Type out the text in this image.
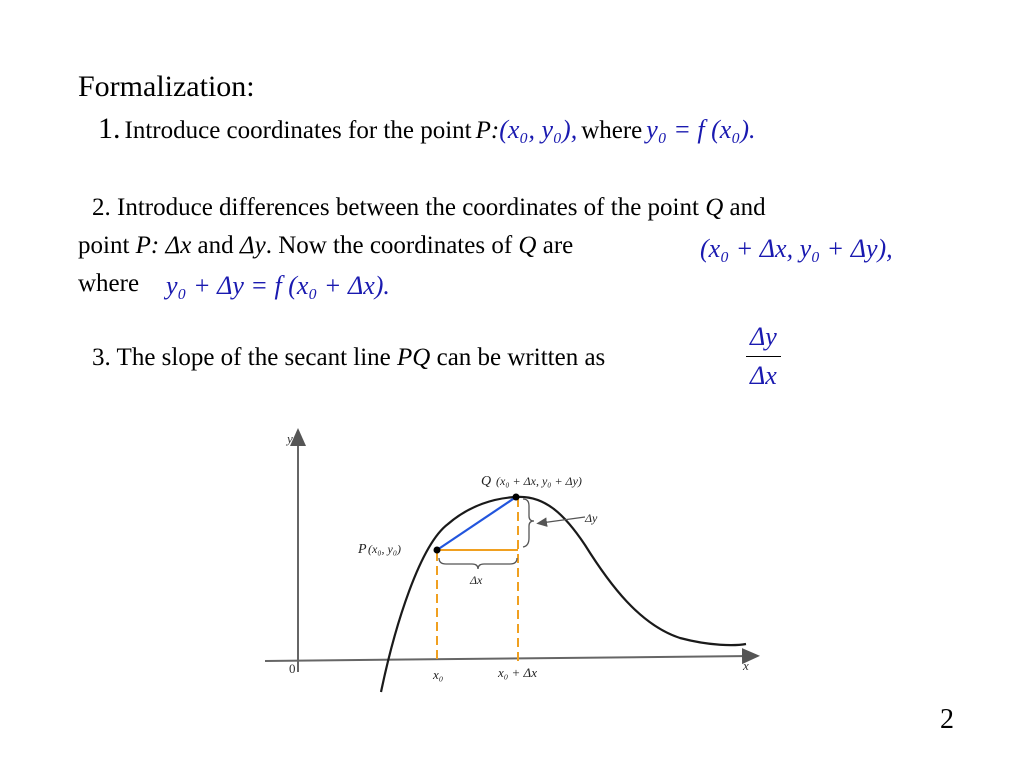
Formalization:
1. Introduce coordinates for the point P:(x₀, y₀), where y₀ = f (x₀).
2. Introduce differences between the coordinates of the point Q and
point P: Δx and Δy. Now the coordinates of Q are	(x₀ + Δx, y₀ + Δy),
where y₀ + Δy = f (x₀ + Δx).
3. The slope of the secant line PQ can be written as	$\frac{\Delta y}{\Delta x}$
y
x
0
Q (x₀ + Δx, y₀ + Δy)
P (x₀, y₀)
Δy
Δx
x₀	x₀ + Δx
2
